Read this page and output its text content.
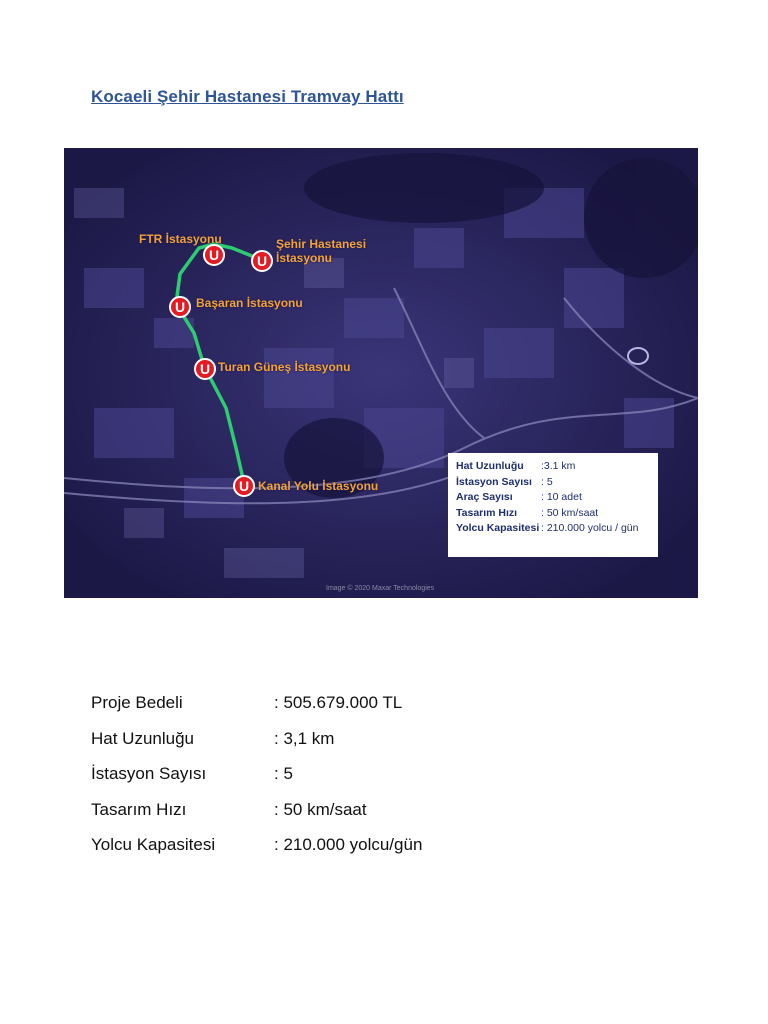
Kocaeli Şehir Hastanesi Tramvay Hattı
U	U
U
U
U
FTR İstasyonu	Şehir Hastanesi
İstasyonu
Başaran İstasyonu
Turan Güneş İstasyonu
Kanal Yolu İstasyonu
Hat Uzunluğu	:3.1 km
İstasyon Sayısı : 5
Araç Sayısı	: 10 adet
Tasarım Hızı	: 50 km/saat
Yolcu Kapasitesi : 210.000 yolcu / gün
Image © 2020 Maxar Technologies
Proje Bedeli	: 505.679.000 TL
Hat Uzunluğu	: 3,1 km
İstasyon Sayısı	: 5
Tasarım Hızı	: 50 km/saat
Yolcu Kapasitesi	: 210.000 yolcu/gün
